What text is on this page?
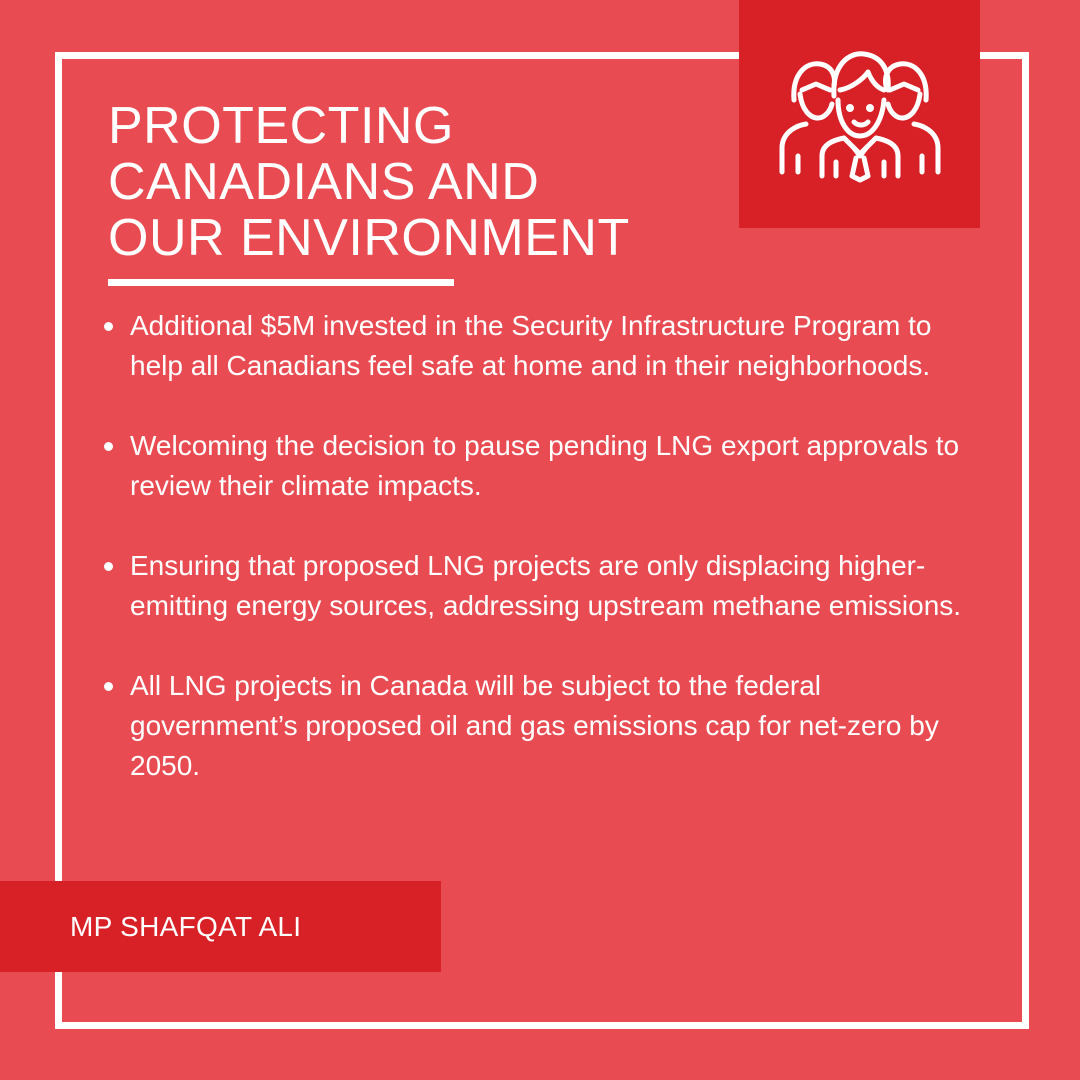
PROTECTING
CANADIANS AND
OUR ENVIRONMENT
Additional $5M invested in the Security Infrastructure Program to help all Canadians feel safe at home and in their neighborhoods.
Welcoming the decision to pause pending LNG export approvals to review their climate impacts.
Ensuring that proposed LNG projects are only displacing higher-emitting energy sources, addressing upstream methane emissions.
All LNG projects in Canada will be subject to the federal government’s proposed oil and gas emissions cap for net-zero by 2050.
MP SHAFQAT ALI
